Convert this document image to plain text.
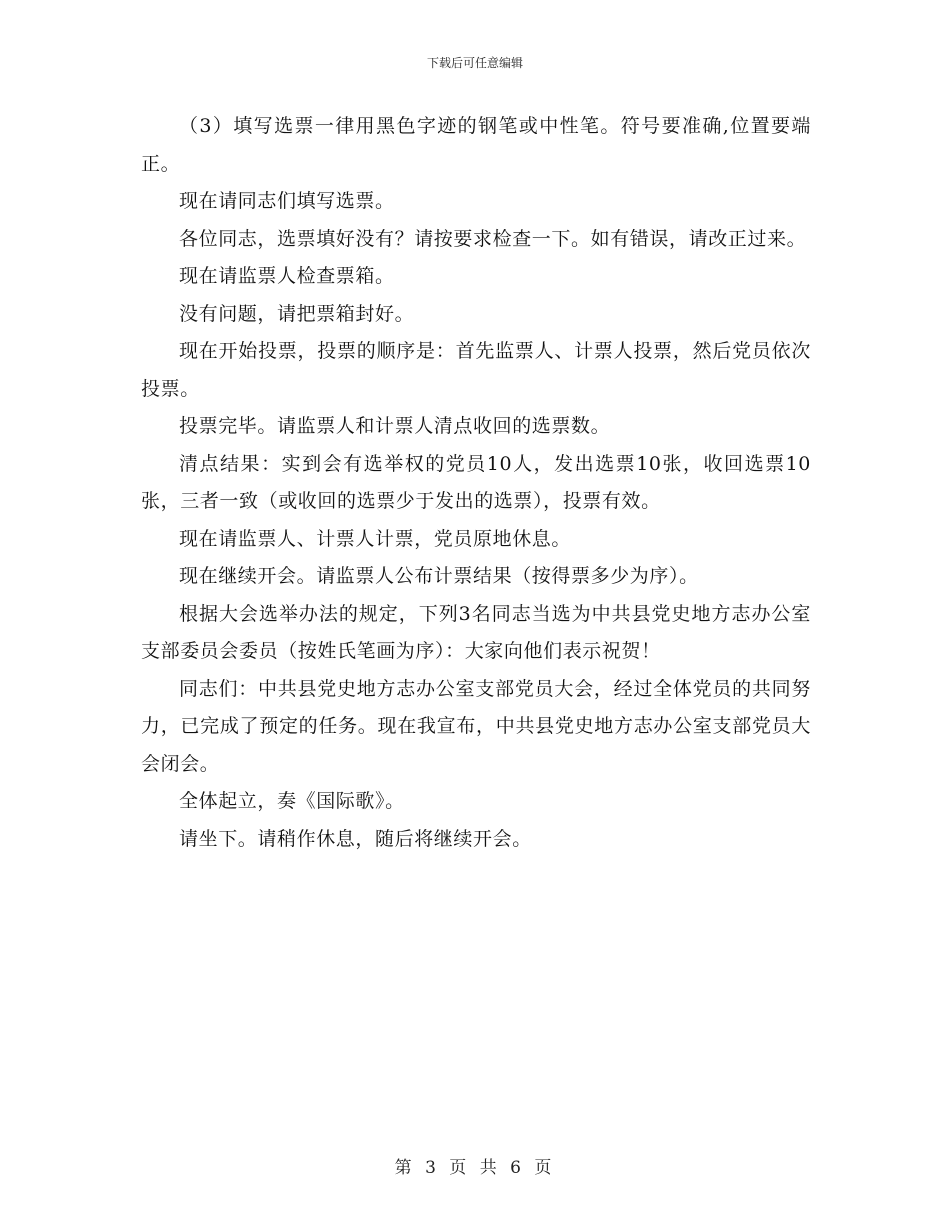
下载后可任意编辑

（3）填写选票一律用黑色字迹的钢笔或中性笔。符号要准确,位置要端正。

现在请同志们填写选票。

各位同志，选票填好没有？请按要求检查一下。如有错误，请改正过来。

现在请监票人检查票箱。

没有问题，请把票箱封好。

现在开始投票，投票的顺序是：首先监票人、计票人投票，然后党员依次投票。

投票完毕。请监票人和计票人清点收回的选票数。

清点结果：实到会有选举权的党员10人，发出选票10张，收回选票10张，三者一致（或收回的选票少于发出的选票），投票有效。

现在请监票人、计票人计票，党员原地休息。

现在继续开会。请监票人公布计票结果（按得票多少为序）。

根据大会选举办法的规定，下列3名同志当选为中共县党史地方志办公室支部委员会委员（按姓氏笔画为序）：大家向他们表示祝贺！

同志们：中共县党史地方志办公室支部党员大会，经过全体党员的共同努力，已完成了预定的任务。现在我宣布，中共县党史地方志办公室支部党员大会闭会。

全体起立，奏《国际歌》。

请坐下。请稍作休息，随后将继续开会。

第 3 页 共 6 页
